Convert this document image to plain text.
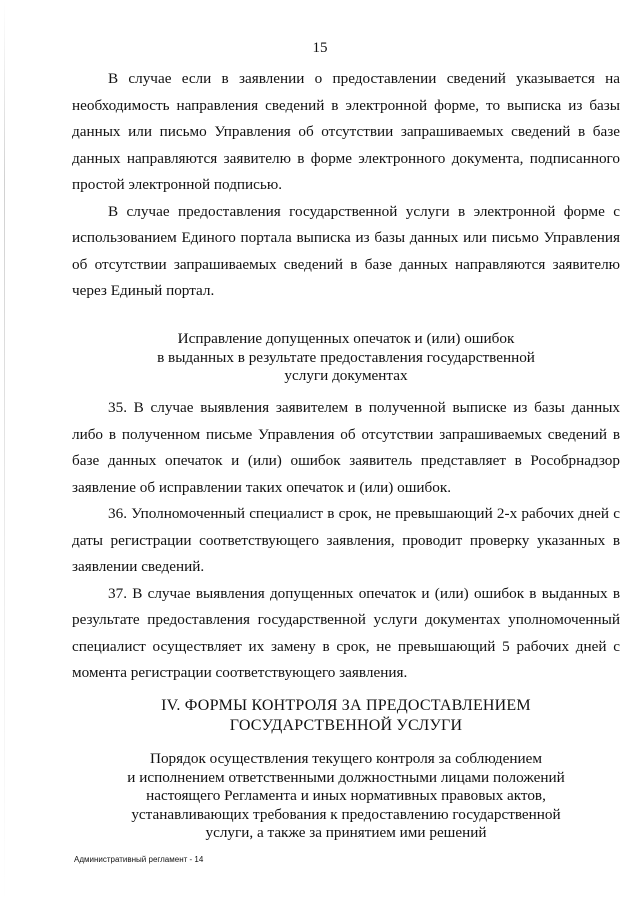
15

В случае если в заявлении о предоставлении сведений указывается на необходимость направления сведений в электронной форме, то выписка из базы данных или письмо Управления об отсутствии запрашиваемых сведений в базе данных направляются заявителю в форме электронного документа, подписанного простой электронной подписью.

В случае предоставления государственной услуги в электронной форме с использованием Единого портала выписка из базы данных или письмо Управления об отсутствии запрашиваемых сведений в базе данных направляются заявителю через Единый портал.

Исправление допущенных опечаток и (или) ошибок
в выданных в результате предоставления государственной
услуги документах

35. В случае выявления заявителем в полученной выписке из базы данных либо в полученном письме Управления об отсутствии запрашиваемых сведений в базе данных опечаток и (или) ошибок заявитель представляет в Рособрнадзор заявление об исправлении таких опечаток и (или) ошибок.

36. Уполномоченный специалист в срок, не превышающий 2-х рабочих дней с даты регистрации соответствующего заявления, проводит проверку указанных в заявлении сведений.

37. В случае выявления допущенных опечаток и (или) ошибок в выданных в результате предоставления государственной услуги документах уполномоченный специалист осуществляет их замену в срок, не превышающий 5 рабочих дней с момента регистрации соответствующего заявления.

IV. ФОРМЫ КОНТРОЛЯ ЗА ПРЕДОСТАВЛЕНИЕМ
ГОСУДАРСТВЕННОЙ УСЛУГИ
Порядок осуществления текущего контроля за соблюдением
и исполнением ответственными должностными лицами положений
настоящего Регламента и иных нормативных правовых актов,
устанавливающих требования к предоставлению государственной
услуги, а также за принятием ими решений
Административный регламент - 14
